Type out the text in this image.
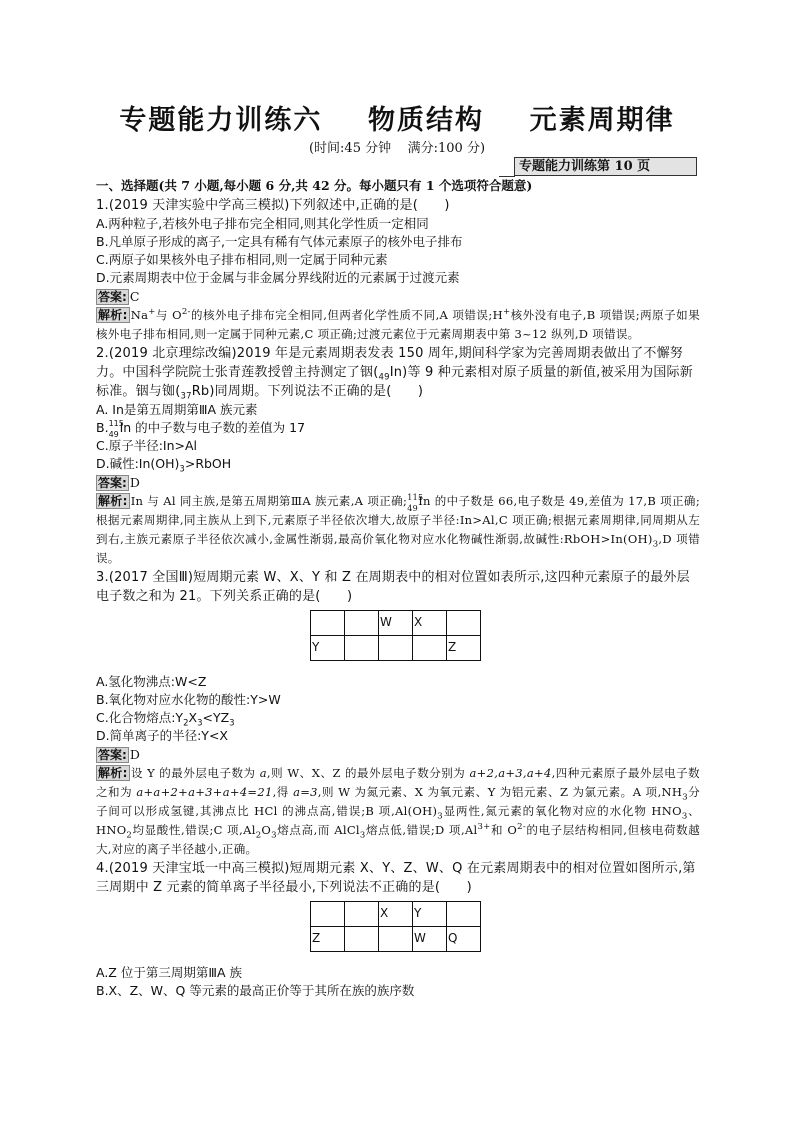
专题能力训练六    物质结构    元素周期律
(时间:45 分钟    满分:100 分)
专题能力训练第 10 页

一、选择题(共 7 小题,每小题 6 分,共 42 分。每小题只有 1 个选项符合题意)

1.(2019 天津实验中学高三模拟)下列叙述中,正确的是(　　)

A.两种粒子,若核外电子排布完全相同,则其化学性质一定相同

B.凡单原子形成的离子,一定具有稀有气体元素原子的核外电子排布

C.两原子如果核外电子排布相同,则一定属于同种元素

D.元素周期表中位于金属与非金属分界线附近的元素属于过渡元素

答案: C

解析: Na+与 $O^{2-}$的核外电子排布完全相同,但两者化学性质不同,A 项错误;H+核外没有电子,B 项错误;两原子如果核外电子排布相同,则一定属于同种元素,C 项正确;过渡元素位于元素周期表中第 3~12 纵列,D 项错误。

2.(2019 北京理综改编)2019 年是元素周期表发表 150 周年,期间科学家为完善周期表做出了不懈努力。中国科学院院士张青莲教授曾主持测定了铟$(_{49}In)$等 9 种元素相对原子质量的新值,被采用为国际新标准。铟与铷$(_{37}Rb)$同周期。下列说法不正确的是(　　)

A. In是第五周期第ⅢA 族元素

B. 115
49 In 的中子数与电子数的差值为 17

C.原子半径:In>Al

D.碱性$:In(OH)_3>RbOH$

答案: D

解析: In 与 Al 同主族,是第五周期第ⅢA 族元素,A 项正确; 115
49
In 的中子数是 66,电子数是 49,差值为 17,B 项正确;根据元素周期律,同主族从上到下,元素原子半径依次增大,故原子半径:In>Al,C 项正确;根据元素周期律,同周期从左到右,主族元素原子半径依次减小,金属性渐弱,最高价氧化物对应水化物碱性渐弱,故碱性$:RbOH>In(OH)_3,D$ 项错误。

3.(2017 全国Ⅲ)短周期元素 W、X、Y 和 Z 在周期表中的相对位置如表所示,这四种元素原子的最外层电子数之和为 21。下列关系正确的是(　　)

		W	X	
Y				Z

A.氢化物沸点:W<Z

B.氧化物对应水化物的酸性:Y>W

C.化合物熔点$:Y_2X_3<YZ_3$

D.简单离子的半径:Y<X

答案: D

解析: 设 Y 的最外层电子数为 a,则 W、X、Z 的最外层电子数分别为 a+2,a+3,a+4,四种元素原子最外层电子数之和为 a+a+2+a+3+a+4=21,得 a=3,则 W 为氮元素、X 为氧元素、Y 为铝元素、Z 为氯元素。A 项$,NH_3$分子间可以形成氢键,其沸点比 HCl 的沸点高,错误;B 项$,Al(OH)_3$显两性,氮元素的氧化物对应的水化物 $HNO_3$、$HNO_2$均显酸性,错误;C 项$,Al_2O_3$熔点高,而 AlCl$_3$熔点低,错误;D 项$,Al^{3+}$和 $O^{2-}$的电子层结构相同,但核电荷数越大,对应的离子半径越小,正确。

4.(2019 天津宝坻一中高三模拟)短周期元素 X、Y、Z、W、Q 在元素周期表中的相对位置如图所示,第三周期中 Z 元素的简单离子半径最小,下列说法不正确的是(　　)

		X	Y	
Z			W	Q

A.Z 位于第三周期第ⅢA 族

B.X、Z、W、Q 等元素的最高正价等于其所在族的族序数
